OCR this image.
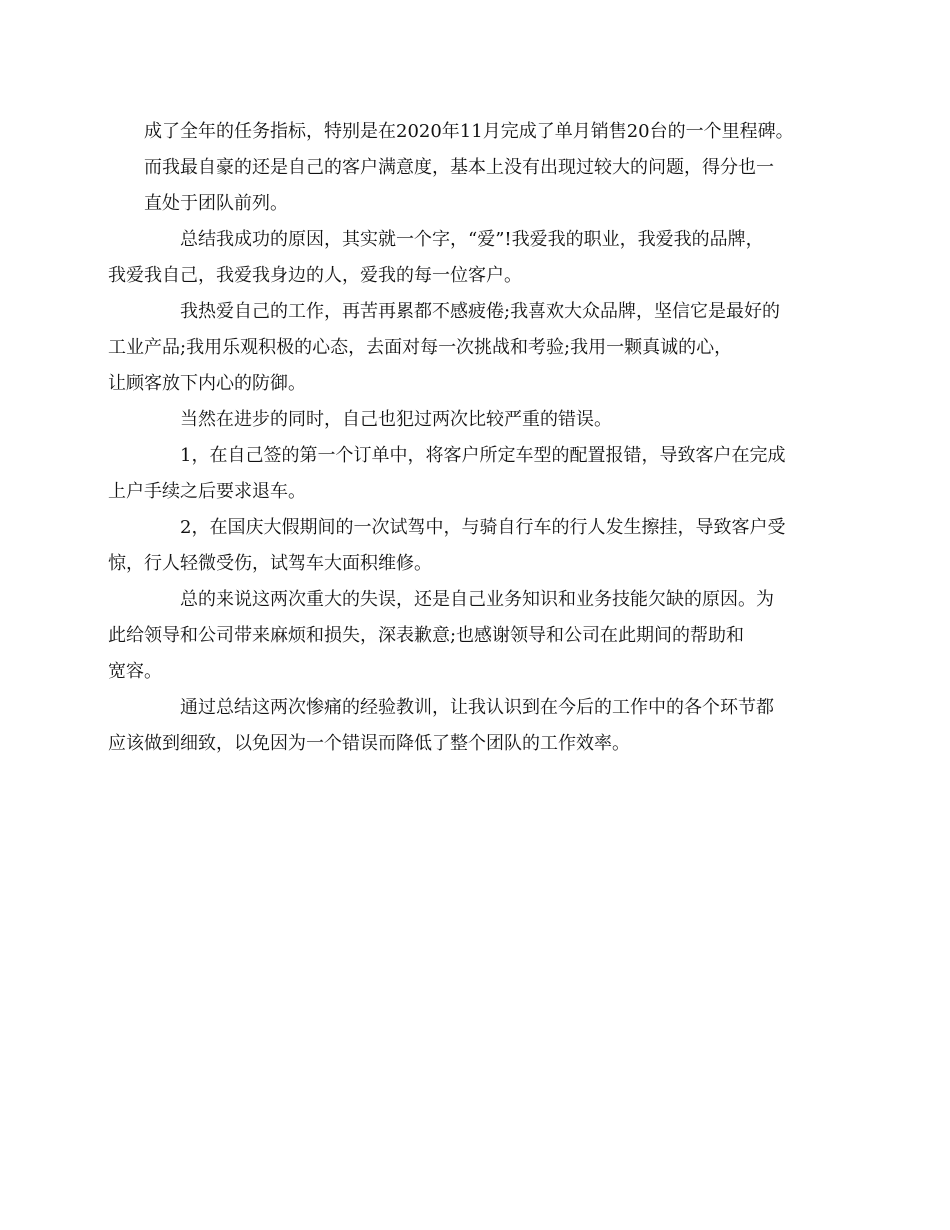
成了全年的任务指标，特别是在2020年11月完成了单月销售20台的一个里程碑。
而我最自豪的还是自己的客户满意度，基本上没有出现过较大的问题，得分也一
直处于团队前列。

总结我成功的原因，其实就一个字，“爱”!我爱我的职业，我爱我的品牌，
我爱我自己，我爱我身边的人，爱我的每一位客户。

我热爱自己的工作，再苦再累都不感疲倦;我喜欢大众品牌，坚信它是最好的
工业产品;我用乐观积极的心态，去面对每一次挑战和考验;我用一颗真诚的心，
让顾客放下内心的防御。

当然在进步的同时，自己也犯过两次比较严重的错误。

1，在自己签的第一个订单中，将客户所定车型的配置报错，导致客户在完成
上户手续之后要求退车。

2，在国庆大假期间的一次试驾中，与骑自行车的行人发生擦挂，导致客户受
惊，行人轻微受伤，试驾车大面积维修。

总的来说这两次重大的失误，还是自己业务知识和业务技能欠缺的原因。为
此给领导和公司带来麻烦和损失，深表歉意;也感谢领导和公司在此期间的帮助和
宽容。

通过总结这两次惨痛的经验教训，让我认识到在今后的工作中的各个环节都
应该做到细致，以免因为一个错误而降低了整个团队的工作效率。
